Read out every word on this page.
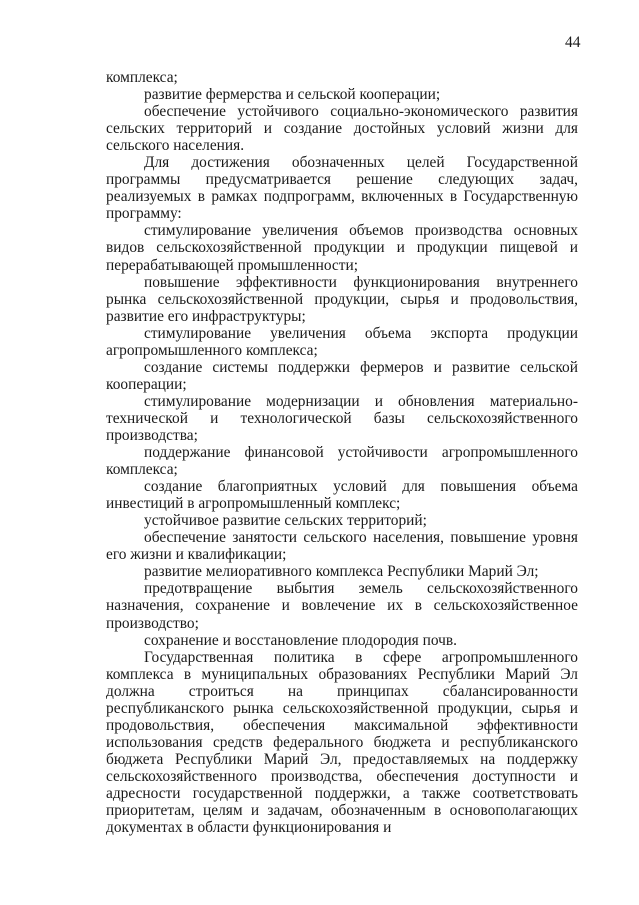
44

комплекса;

развитие фермерства и сельской кооперации;

обеспечение устойчивого социально-экономического развития сельских территорий и создание достойных условий жизни для сельского населения.

Для достижения обозначенных целей Государственной программы предусматривается решение следующих задач, реализуемых в рамках подпрограмм, включенных в Государственную программу:

стимулирование увеличения объемов производства основных видов сельскохозяйственной продукции и продукции пищевой и перерабатывающей промышленности;

повышение эффективности функционирования внутреннего рынка сельскохозяйственной продукции, сырья и продовольствия, развитие его инфраструктуры;

стимулирование увеличения объема экспорта продукции агропромышленного комплекса;

создание системы поддержки фермеров и развитие сельской кооперации;

стимулирование модернизации и обновления материально-технической и технологической базы сельскохозяйственного производства;

поддержание финансовой устойчивости агропромышленного комплекса;

создание благоприятных условий для повышения объема инвестиций в агропромышленный комплекс;

устойчивое развитие сельских территорий;

обеспечение занятости сельского населения, повышение уровня его жизни и квалификации;

развитие мелиоративного комплекса Республики Марий Эл;

предотвращение выбытия земель сельскохозяйственного назначения, сохранение и вовлечение их в сельскохозяйственное производство;

сохранение и восстановление плодородия почв.

Государственная политика в сфере агропромышленного комплекса в муниципальных образованиях Республики Марий Эл должна строиться на принципах сбалансированности республиканского рынка сельскохозяйственной продукции, сырья и продовольствия, обеспечения максимальной эффективности использования средств федерального бюджета и республиканского бюджета Республики Марий Эл, предоставляемых на поддержку сельскохозяйственного производства, обеспечения доступности и адресности государственной поддержки, а также соответствовать приоритетам, целям и задачам, обозначенным в основополагающих документах в области функционирования и
